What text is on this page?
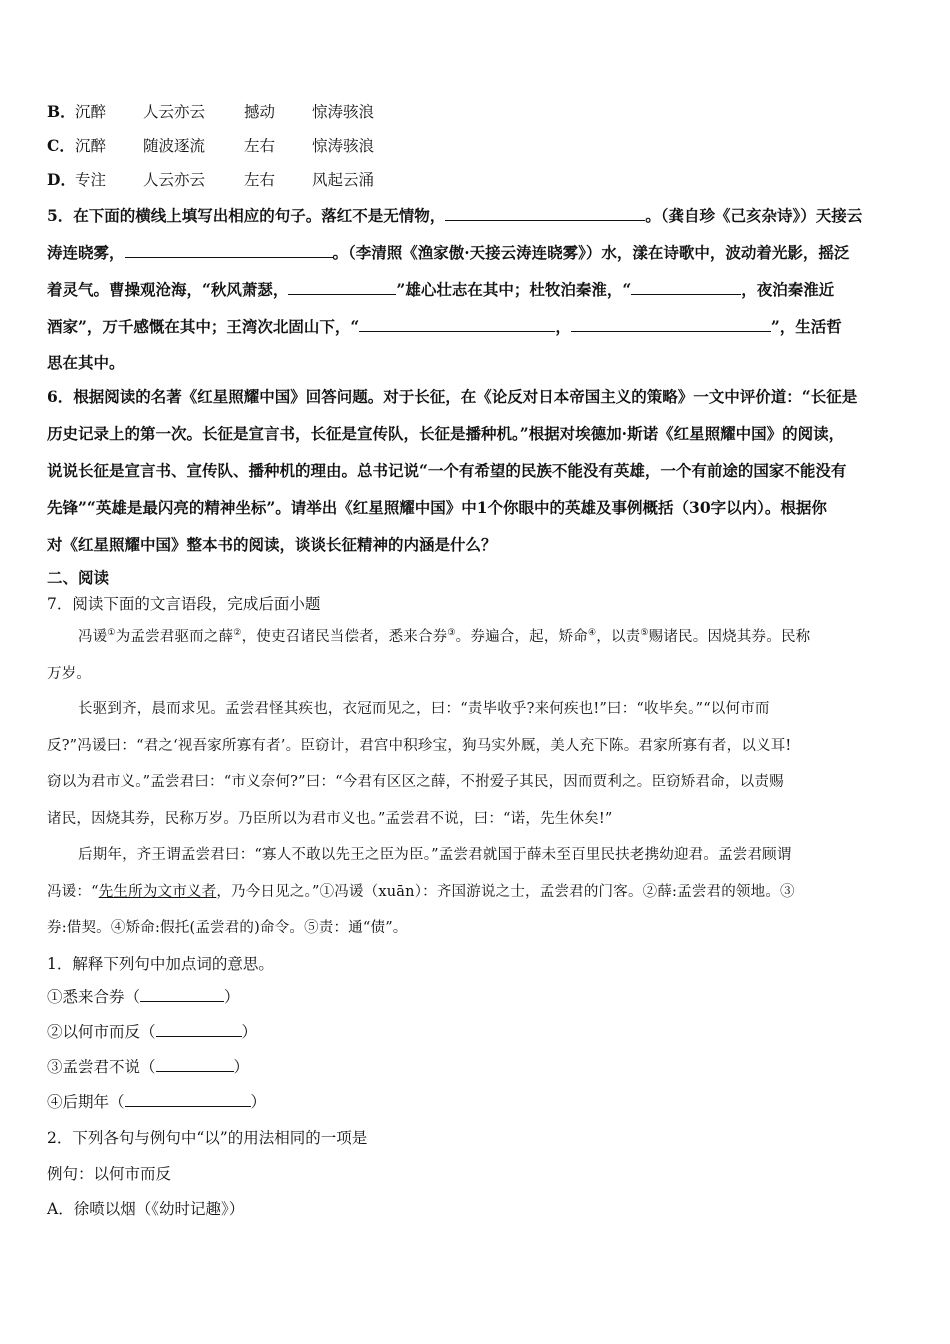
B．沉醉 人云亦云	撼动 惊涛骇浪
C．沉醉 随波逐流	左右 惊涛骇浪
D．专注 人云亦云	左右 风起云涌
5．在下面的横线上填写出相应的句子。落红不是无情物，	。（龚自珍《己亥杂诗》）天接云
涛连晓雾，	。（李清照《渔家傲·天接云涛连晓雾》）水，漾在诗歌中，波动着光影，摇泛
着灵气。曹操观沧海，“秋风萧瑟，	”雄心壮志在其中；杜牧泊秦淮，“	，夜泊秦淮近
酒家”，万千感慨在其中；王湾次北固山下，“	，	”，生活哲
思在其中。
6．根据阅读的名著《红星照耀中国》回答问题。对于长征，在《论反对日本帝国主义的策略》一文中评价道：“长征是
历史记录上的第一次。长征是宣言书，长征是宣传队，长征是播种机。”根据对埃德加·斯诺《红星照耀中国》的阅读，
说说长征是宣言书、宣传队、播种机的理由。总书记说“一个有希望的民族不能没有英雄，一个有前途的国家不能没有
先锋”“英雄是最闪亮的精神坐标”。请举出《红星照耀中国》中1个你眼中的英雄及事例概括（30字以内）。根据你
对《红星照耀中国》整本书的阅读，谈谈长征精神的内涵是什么？
二、阅读
7．阅读下面的文言语段，完成后面小题
冯谖①为孟尝君驱而之薛②，使吏召诸民当偿者，悉来合券③。券遍合，起，矫命④，以责⑤赐诸民。因烧其券。民称
万岁。
长驱到齐，晨而求见。孟尝君怪其疾也，衣冠而见之，曰：“责毕收乎?来何疾也!”曰：“收毕矣。”“以何市而
反?”冯谖曰：“君之‘视吾家所寡有者’。臣窃计，君宫中积珍宝，狗马实外厩，美人充下陈。君家所寡有者，以义耳!
窃以为君市义。”孟尝君曰：“市义奈何?”曰：“今君有区区之薛，不拊爱子其民，因而贾利之。臣窃矫君命，以责赐
诸民，因烧其券，民称万岁。乃臣所以为君市义也。”孟尝君不说，曰：“诺，先生休矣!”
后期年，齐王谓孟尝君曰：“寡人不敢以先王之臣为臣。”孟尝君就国于薛未至百里民扶老携幼迎君。孟尝君顾谓
冯谖：“先生所为文市义者，乃今日见之。”①冯谖（xuān）：齐国游说之士，孟尝君的门客。②薛:孟尝君的领地。③
券:借契。④矫命:假托(孟尝君的)命令。⑤责：通“债”。
1．解释下列句中加点词的意思。
①悉来合券（	）
②以何市而反（	）
③孟尝君不说（	）
④后期年（	）
2．下列各句与例句中“以”的用法相同的一项是
例句：以何市而反
A．徐喷以烟（《幼时记趣》）
